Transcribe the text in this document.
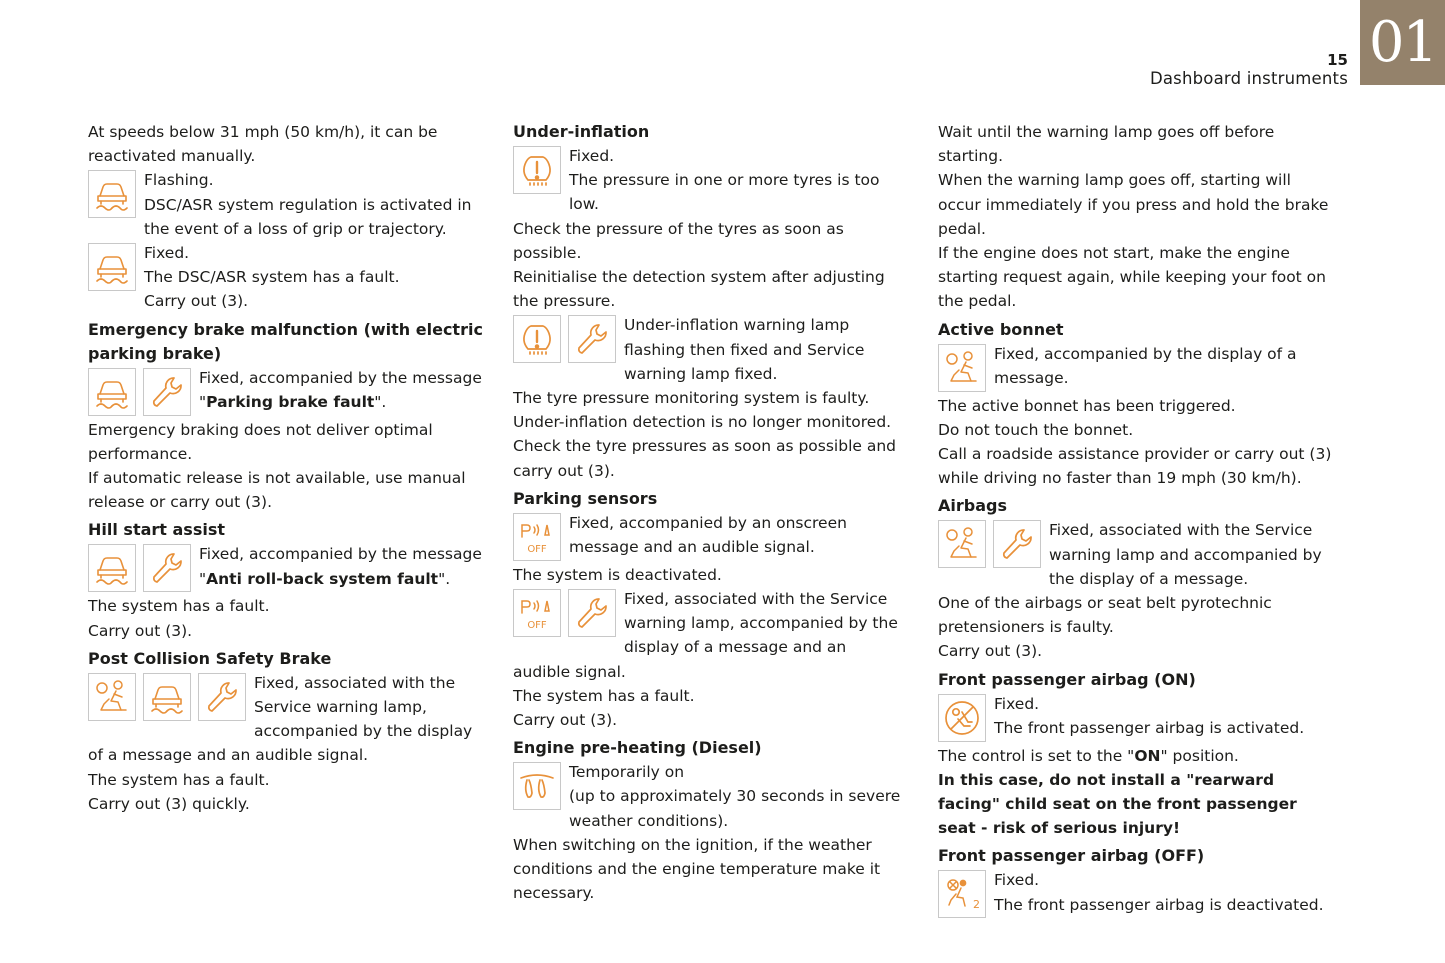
15
Dashboard instruments
01

At speeds below 31 mph (50 km/h), it can be reactivated manually.

Flashing.

DSC/ASR system regulation is activated in the event of a loss of grip or trajectory.

Fixed.

The DSC/ASR system has a fault.

Carry out (3).

Emergency brake malfunction (with electric parking brake)

Fixed, accompanied by the message "Parking brake fault".

Emergency braking does not deliver optimal performance.

If automatic release is not available, use manual release or carry out (3).

Hill start assist

Fixed, accompanied by the message "Anti roll-back system fault".

The system has a fault.

Carry out (3).

Post Collision Safety Brake

Fixed, associated with the Service warning lamp, accompanied by the display of a message and an audible signal.

The system has a fault.

Carry out (3) quickly.

Under-inflation

Fixed.

The pressure in one or more tyres is too low.

Check the pressure of the tyres as soon as possible.

Reinitialise the detection system after adjusting the pressure.

Under-inflation warning lamp flashing then fixed and Service warning lamp fixed.

The tyre pressure monitoring system is faulty.

Under-inflation detection is no longer monitored.

Check the tyre pressures as soon as possible and carry out (3).

Parking sensors
OFF

Fixed, accompanied by an onscreen message and an audible signal.

The system is deactivated.

OFF

Fixed, associated with the Service warning lamp, accompanied by the display of a message and an audible signal.

The system has a fault.

Carry out (3).

Engine pre-heating (Diesel)

Temporarily on

(up to approximately 30 seconds in severe weather conditions).

When switching on the ignition, if the weather conditions and the engine temperature make it necessary.

Wait until the warning lamp goes off before starting.

When the warning lamp goes off, starting will occur immediately if you press and hold the brake pedal.

If the engine does not start, make the engine starting request again, while keeping your foot on the pedal.

Active bonnet

Fixed, accompanied by the display of a message.

The active bonnet has been triggered.

Do not touch the bonnet.

Call a roadside assistance provider or carry out (3) while driving no faster than 19 mph (30 km/h).

Airbags

Fixed, associated with the Service warning lamp and accompanied by the display of a message.

One of the airbags or seat belt pyrotechnic pretensioners is faulty.

Carry out (3).

Front passenger airbag (ON)

Fixed.

The front passenger airbag is activated.

The control is set to the "ON" position.

In this case, do not install a "rearward facing" child seat on the front passenger seat - risk of serious injury!

Front passenger airbag (OFF)
2

Fixed.

The front passenger airbag is deactivated.
